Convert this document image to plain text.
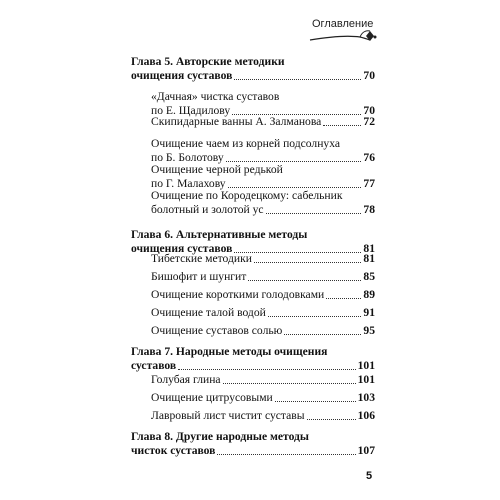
Оглавление
Глава 5. Авторские методики
очищения суставов	70
«Дачная» чистка суставов
по Е. Щадилову	70
Скипидарные ванны А. Залманова	72
Очищение чаем из корней подсолнуха
по Б. Болотову	76
Очищение черной редькой
по Г. Малахову	77
Очищение по Кородецкому: сабельник
болотный и золотой ус	78
Глава 6. Альтернативные методы
очищения суставов	81
Тибетские методики	81
Бишофит и шунгит	85
Очищение короткими голодовками	89
Очищение талой водой	91
Очищение суставов солью	95
Глава 7. Народные методы очищения
суставов	101
Голубая глина	101
Очищение цитрусовыми	103
Лавровый лист чистит суставы	106
Глава 8. Другие народные методы
чисток суставов	107
5
